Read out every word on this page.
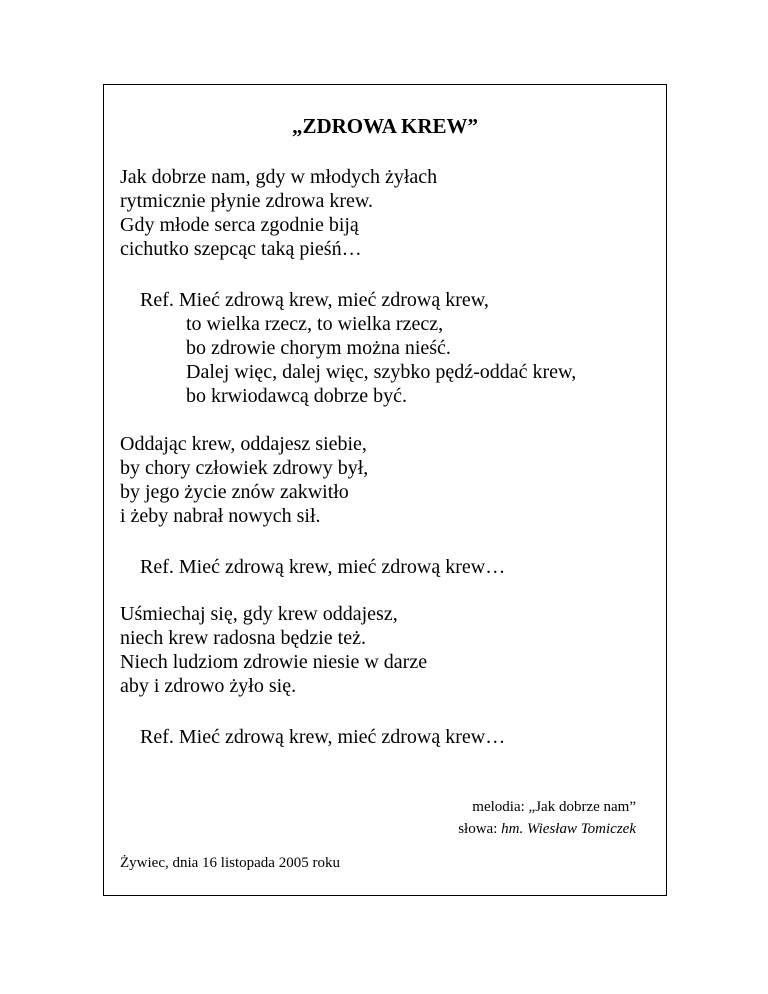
„ZDROWA KREW”
Jak dobrze nam, gdy w młodych żyłach
rytmicznie płynie zdrowa krew.
Gdy młode serca zgodnie biją
cichutko szepcąc taką pieśń…
Ref. Mieć zdrową krew, mieć zdrową krew,
to wielka rzecz, to wielka rzecz,
bo zdrowie chorym można nieść.
Dalej więc, dalej więc, szybko pędź-oddać krew,
bo krwiodawcą dobrze być.
Oddając krew, oddajesz siebie,
by chory człowiek zdrowy był,
by jego życie znów zakwitło
i żeby nabrał nowych sił.
Ref. Mieć zdrową krew, mieć zdrową krew…
Uśmiechaj się, gdy krew oddajesz,
niech krew radosna będzie też.
Niech ludziom zdrowie niesie w darze
aby i zdrowo żyło się.
Ref. Mieć zdrową krew, mieć zdrową krew…
melodia: „Jak dobrze nam”
słowa: hm. Wiesław Tomiczek
Żywiec, dnia 16 listopada 2005 roku
